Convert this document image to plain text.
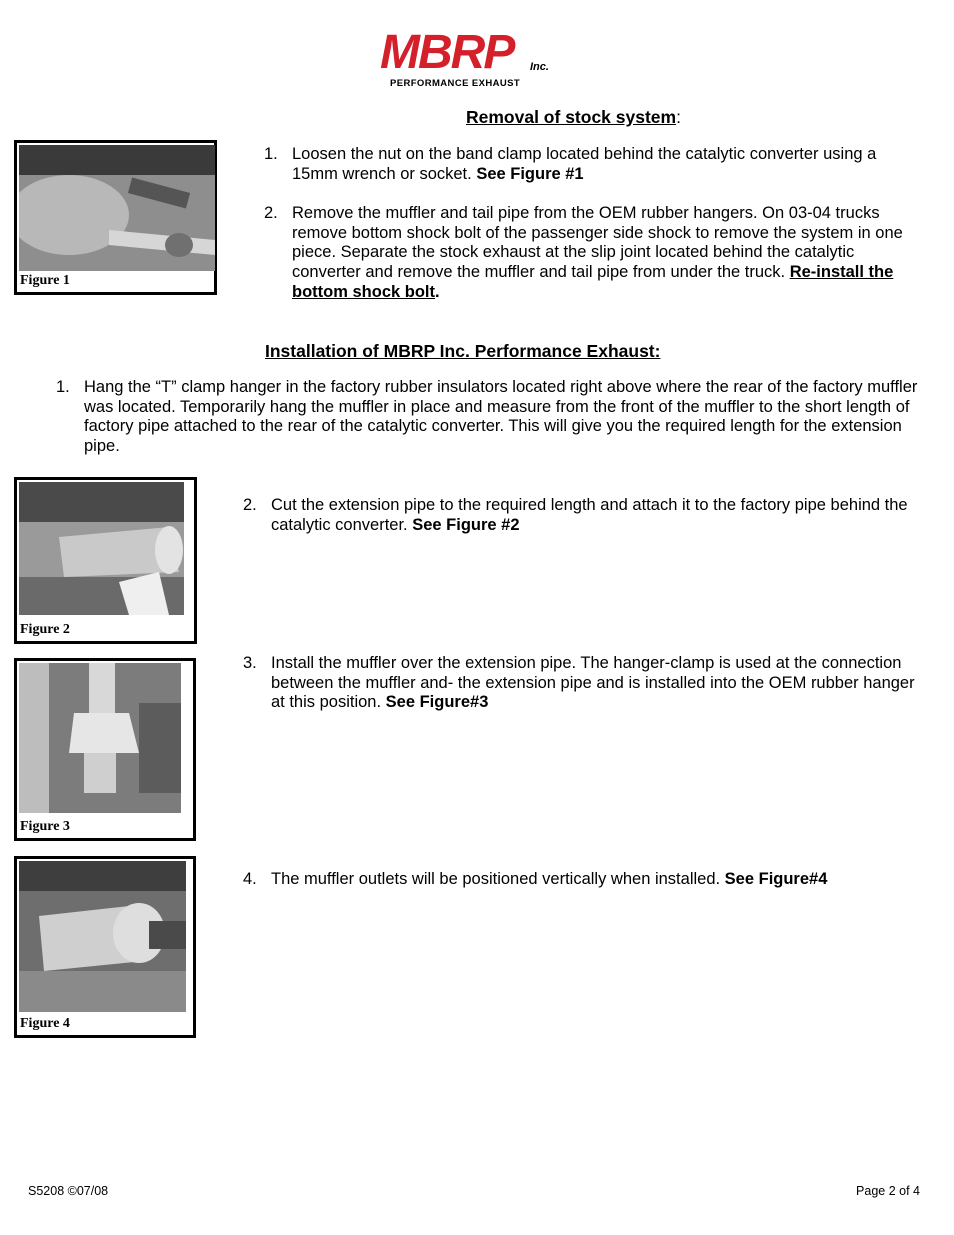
MBRP Inc.
PERFORMANCE EXHAUST
Removal of stock system:
Figure 1
1. Loosen the nut on the band clamp located behind the catalytic converter using a 15mm wrench or socket. See Figure #1
2. Remove the muffler and tail pipe from the OEM rubber hangers. On 03-04 trucks remove bottom shock bolt of the passenger side shock to remove the system in one piece. Separate the stock exhaust at the slip joint located behind the catalytic converter and remove the muffler and tail pipe from under the truck. Re-install the bottom shock bolt.
Installation of MBRP Inc. Performance Exhaust:
1. Hang the “T” clamp hanger in the factory rubber insulators located right above where the rear of the factory muffler was located. Temporarily hang the muffler in place and measure from the front of the muffler to the short length of factory pipe attached to the rear of the catalytic converter. This will give you the required length for the extension pipe.
Figure 2
2. Cut the extension pipe to the required length and attach it to the factory pipe behind the catalytic converter. See Figure #2
Figure 3
3. Install the muffler over the extension pipe. The hanger-clamp is used at the connection between the muffler and- the extension pipe and is installed into the OEM rubber hanger at this position. See Figure#3
Figure 4
4. The muffler outlets will be positioned vertically when installed. See Figure#4
S5208 ©07/08	Page 2 of 4
